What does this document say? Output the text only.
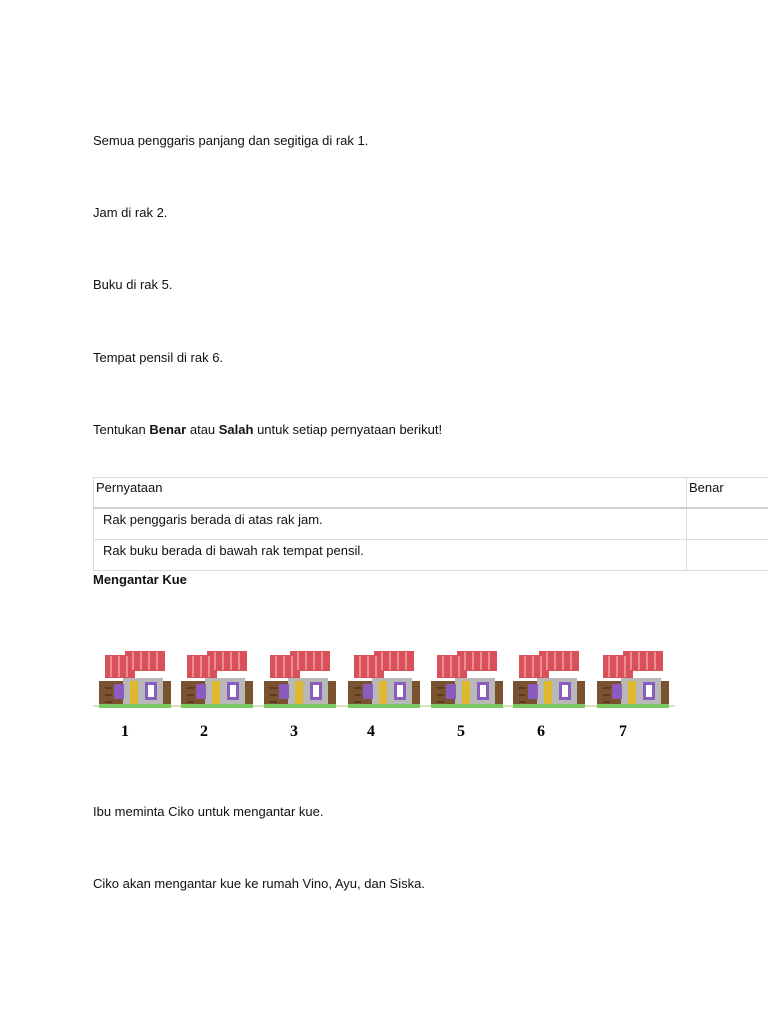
Semua penggaris panjang dan segitiga di rak 1.
Jam di rak 2.
Buku di rak 5.
Tempat pensil di rak 6.
Tentukan Benar atau Salah untuk setiap pernyataan berikut!
Pernyataan	Benar

Rak penggaris berada di atas rak jam.	

Rak buku berada di bawah rak tempat pensil.	

Mengantar Kue
1	2	3	4	5	6	7
Ibu meminta Ciko untuk mengantar kue.
Ciko akan mengantar kue ke rumah Vino, Ayu, dan Siska.
